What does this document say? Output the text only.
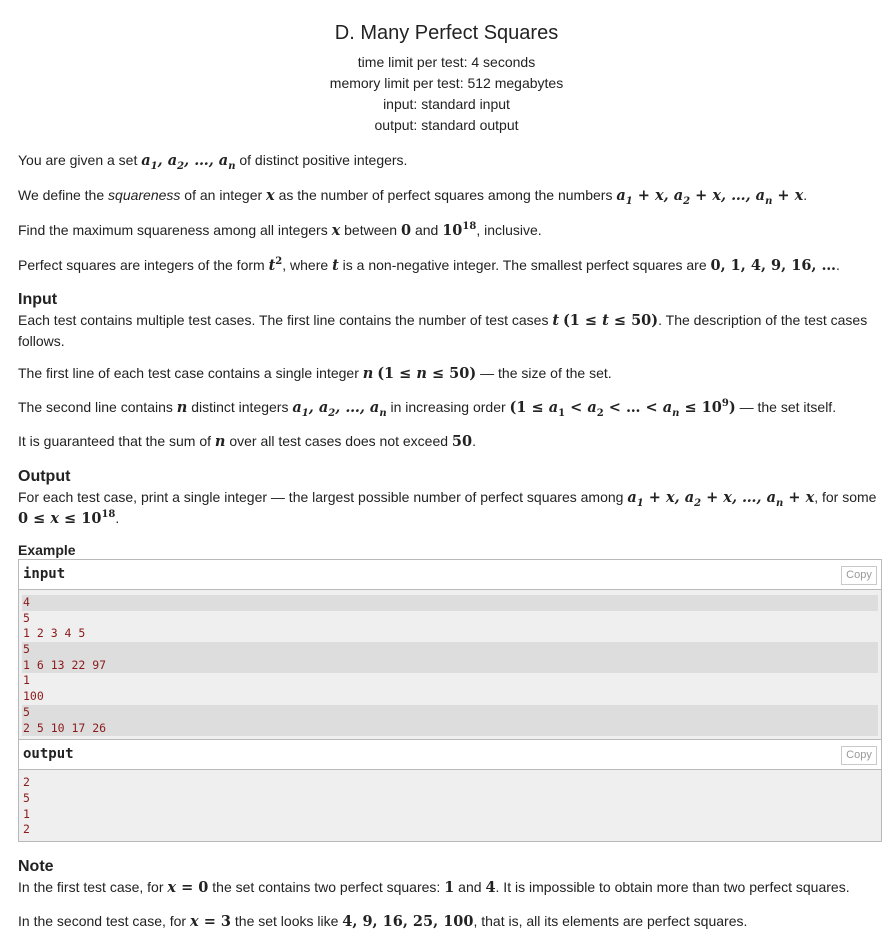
D. Many Perfect Squares
time limit per test: 4 seconds
memory limit per test: 512 megabytes
input: standard input
output: standard output

You are given a set $a_1$, $a_2$, …, $a_n$ of distinct positive integers.

We define the squareness of an integer x as the number of perfect squares among the numbers $a_1 + x$, $a_2 + x$, …, $a_n + x$.

Find the maximum squareness among all integers x between 0 and $10^{18}$, inclusive.

Perfect squares are integers of the form $t^2$, where t is a non-negative integer. The smallest perfect squares are 0, 1, 4, 9, 16, ….

Input

Each test contains multiple test cases. The first line contains the number of test cases t (1 ≤ t ≤ 50). The description of the test cases follows.

The first line of each test case contains a single integer n (1 ≤ n ≤ 50) — the size of the set.

The second line contains n distinct integers $a_1$, $a_2$, …, $a_n$ in increasing order ($1 \le a_1 < a_2$ < … < $a_n \le 10^9$) — the set itself.

It is guaranteed that the sum of n over all test cases does not exceed 50.

Output

For each test case, print a single integer — the largest possible number of perfect squares among $a_1 + x$, $a_2 + x$, …, $a_n + x$, for some $0 \le x \le 10^{18}$.

Example
input	Copy
4
5
1 2 3 4 5
5
1 6 13 22 97
1
100
5
2 5 10 17 26
output	Copy
2
5
1
2
Note

In the first test case, for x = 0 the set contains two perfect squares: 1 and 4. It is impossible to obtain more than two perfect squares.

In the second test case, for x = 3 the set looks like 4, 9, 16, 25, 100, that is, all its elements are perfect squares.
